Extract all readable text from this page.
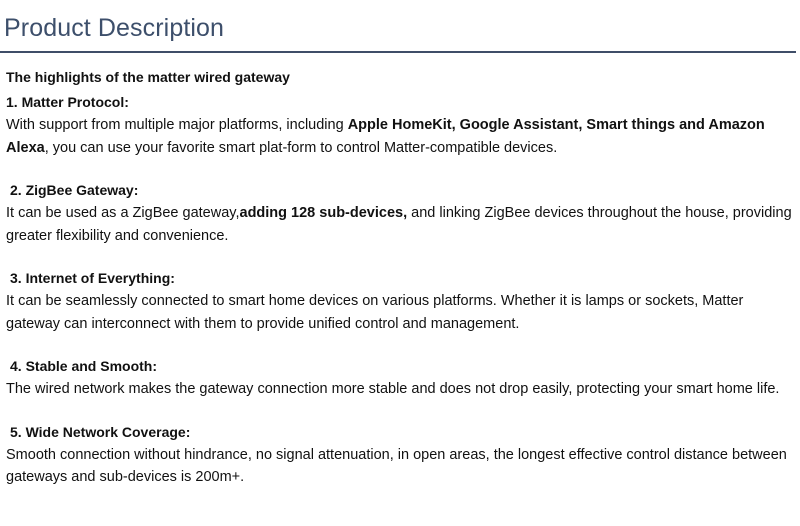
Product Description

The highlights of the matter wired gateway

1. Matter Protocol:

With support from multiple major platforms, including Apple HomeKit, Google Assistant, Smart things and Amazon Alexa, you can use your favorite smart plat-form to control Matter-compatible devices.

2. ZigBee Gateway:

It can be used as a ZigBee gateway,adding 128 sub-devices, and linking ZigBee devices throughout the house, providing greater flexibility and convenience.

3. Internet of Everything:

It can be seamlessly connected to smart home devices on various platforms. Whether it is lamps or sockets, Matter gateway can interconnect with them to provide unified control and management.

4. Stable and Smooth:

The wired network makes the gateway connection more stable and does not drop easily, protecting your smart home life.

5. Wide Network Coverage:

Smooth connection without hindrance, no signal attenuation, in open areas, the longest effective control distance between gateways and sub-devices is 200m+.
